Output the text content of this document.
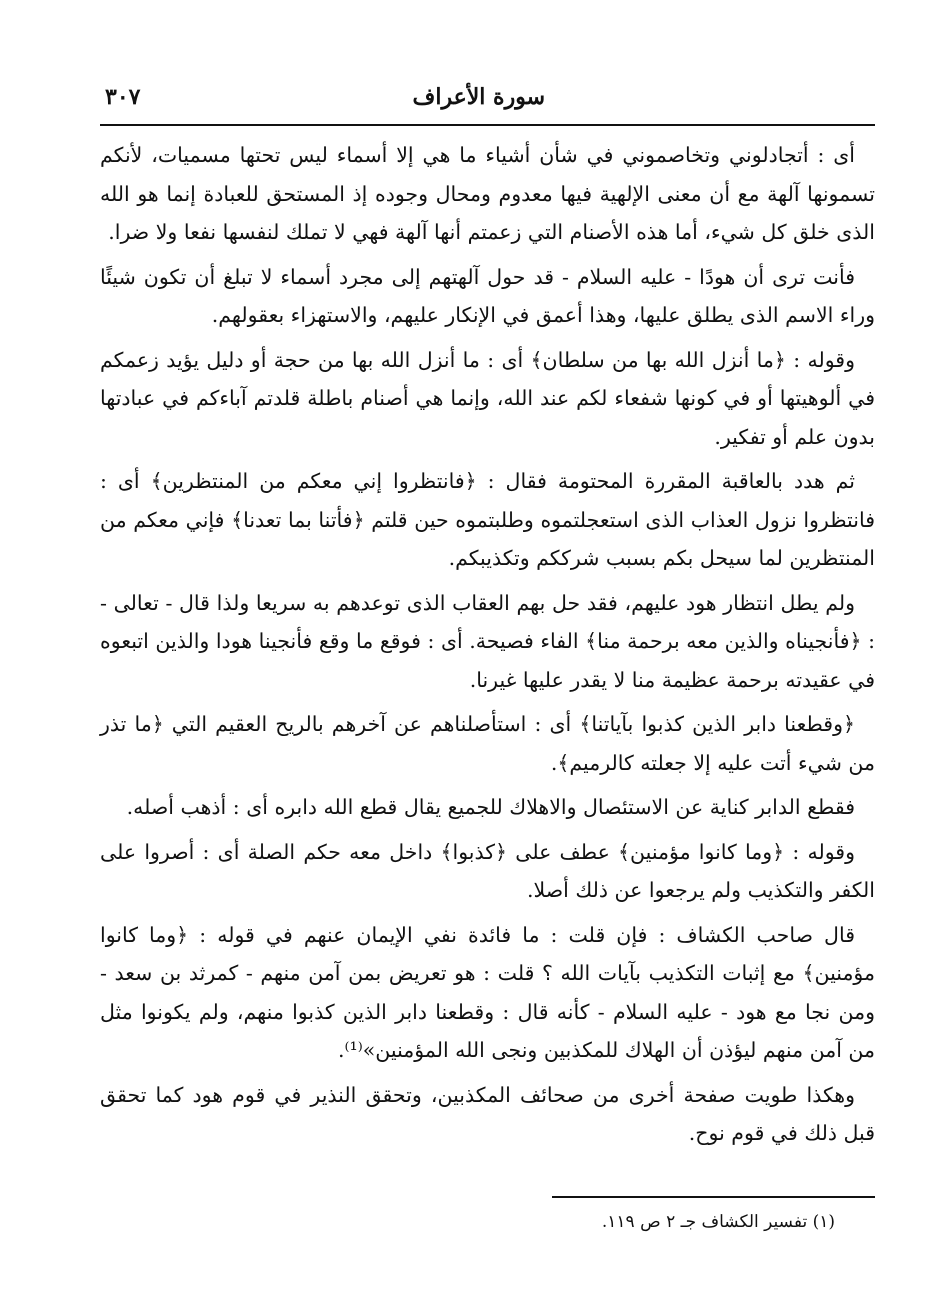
سورة الأعراف
٣٠٧

أى : أتجادلوني وتخاصموني في شأن أشياء ما هي إلا أسماء ليس تحتها مسميات، لأنكم تسمونها آلهة مع أن معنى الإلهية فيها معدوم ومحال وجوده إذ المستحق للعبادة إنما هو الله الذى خلق كل شيء، أما هذه الأصنام التي زعمتم أنها آلهة فهي لا تملك لنفسها نفعا ولا ضرا.

فأنت ترى أن هودًا - عليه السلام - قد حول آلهتهم إلى مجرد أسماء لا تبلغ أن تكون شيئًا وراء الاسم الذى يطلق عليها، وهذا أعمق في الإنكار عليهم، والاستهزاء بعقولهم.

وقوله : ﴿ما أنزل الله بها من سلطان﴾ أى : ما أنزل الله بها من حجة أو دليل يؤيد زعمكم في ألوهيتها أو في كونها شفعاء لكم عند الله، وإنما هي أصنام باطلة قلدتم آباءكم في عبادتها بدون علم أو تفكير.

ثم هدد بالعاقبة المقررة المحتومة فقال : ﴿فانتظروا إني معكم من المنتظرين﴾ أى : فانتظروا نزول العذاب الذى استعجلتموه وطلبتموه حين قلتم ﴿فأتنا بما تعدنا﴾ فإني معكم من المنتظرين لما سيحل بكم بسبب شرككم وتكذيبكم.

ولم يطل انتظار هود عليهم، فقد حل بهم العقاب الذى توعدهم به سريعا ولذا قال - تعالى - : ﴿فأنجيناه والذين معه برحمة منا﴾ الفاء فصيحة. أى : فوقع ما وقع فأنجينا هودا والذين اتبعوه في عقيدته برحمة عظيمة منا لا يقدر عليها غيرنا.

﴿وقطعنا دابر الذين كذبوا بآياتنا﴾ أى : استأصلناهم عن آخرهم بالريح العقيم التي ﴿ما تذر من شيء أتت عليه إلا جعلته كالرميم﴾.

فقطع الدابر كناية عن الاستئصال والاهلاك للجميع يقال قطع الله دابره أى : أذهب أصله.

وقوله : ﴿وما كانوا مؤمنين﴾ عطف على ﴿كذبوا﴾ داخل معه حكم الصلة أى : أصروا على الكفر والتكذيب ولم يرجعوا عن ذلك أصلا.

قال صاحب الكشاف : فإن قلت : ما فائدة نفي الإيمان عنهم في قوله : ﴿وما كانوا مؤمنين﴾ مع إثبات التكذيب بآيات الله ؟ قلت : هو تعريض بمن آمن منهم - كمرثد بن سعد - ومن نجا مع هود - عليه السلام - كأنه قال : وقطعنا دابر الذين كذبوا منهم، ولم يكونوا مثل من آمن منهم ليؤذن أن الهلاك للمكذبين ونجى الله المؤمنين»⁽¹⁾.

وهكذا طويت صفحة أخرى من صحائف المكذبين، وتحقق النذير في قوم هود كما تحقق قبل ذلك في قوم نوح.

(١) تفسير الكشاف جـ ٢ ص ١١٩.
